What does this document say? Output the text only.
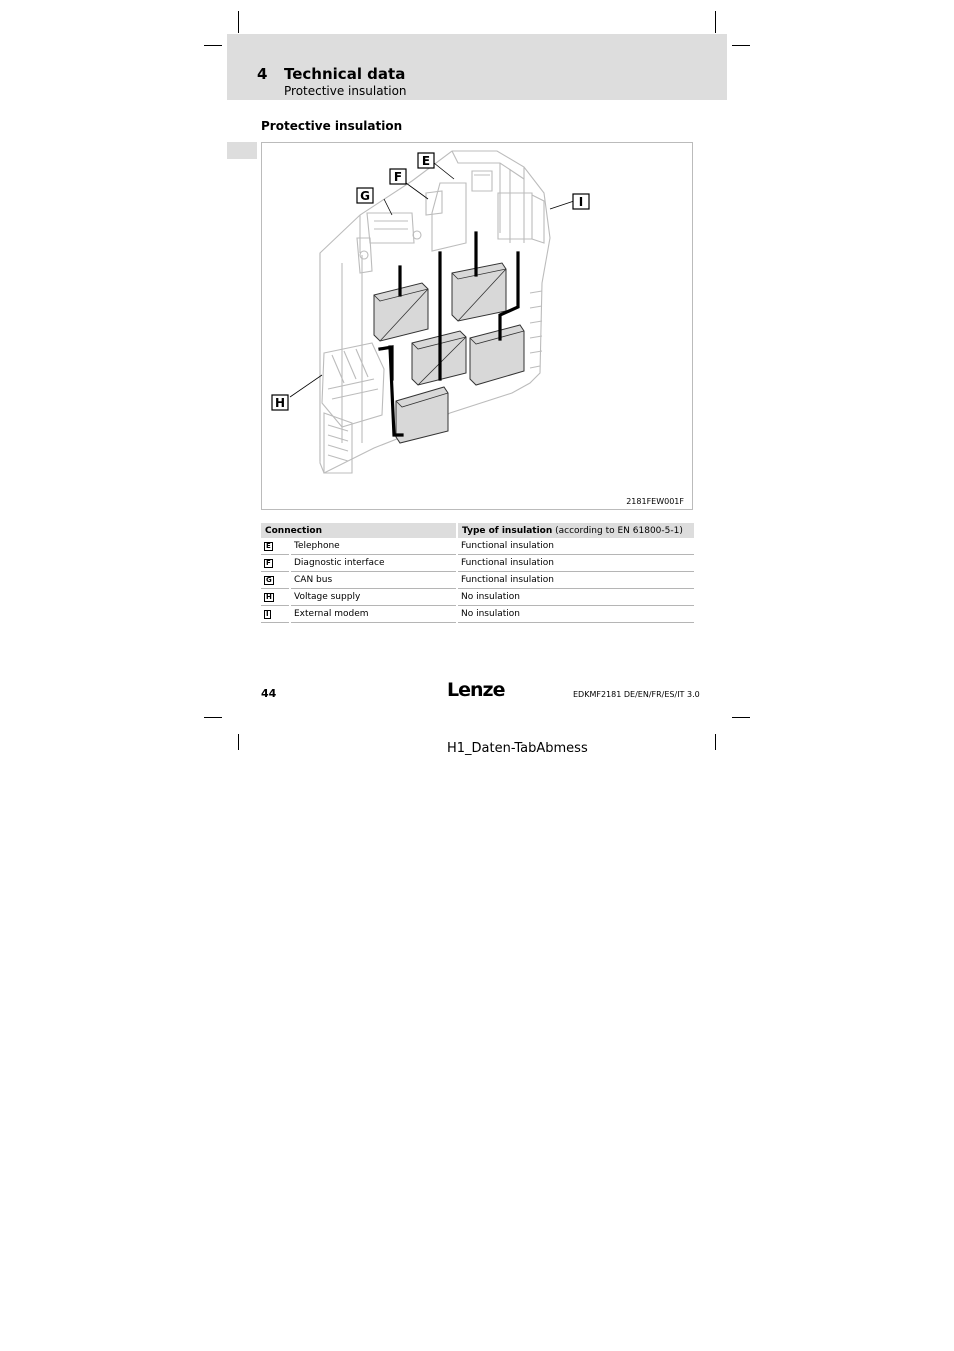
4 Technical data
Protective insulation
Protective insulation
E
F
G
H
I
2181FEW001F
Connection		Type of insulation (according to EN 61800-5-1)
E	Telephone	Functional insulation
F	Diagnostic interface	Functional insulation
G	CAN bus	Functional insulation
H	Voltage supply	No insulation
I	External modem	No insulation
44	Lenze	EDKMF2181 DE/EN/FR/ES/IT 3.0
H1_Daten-TabAbmess
